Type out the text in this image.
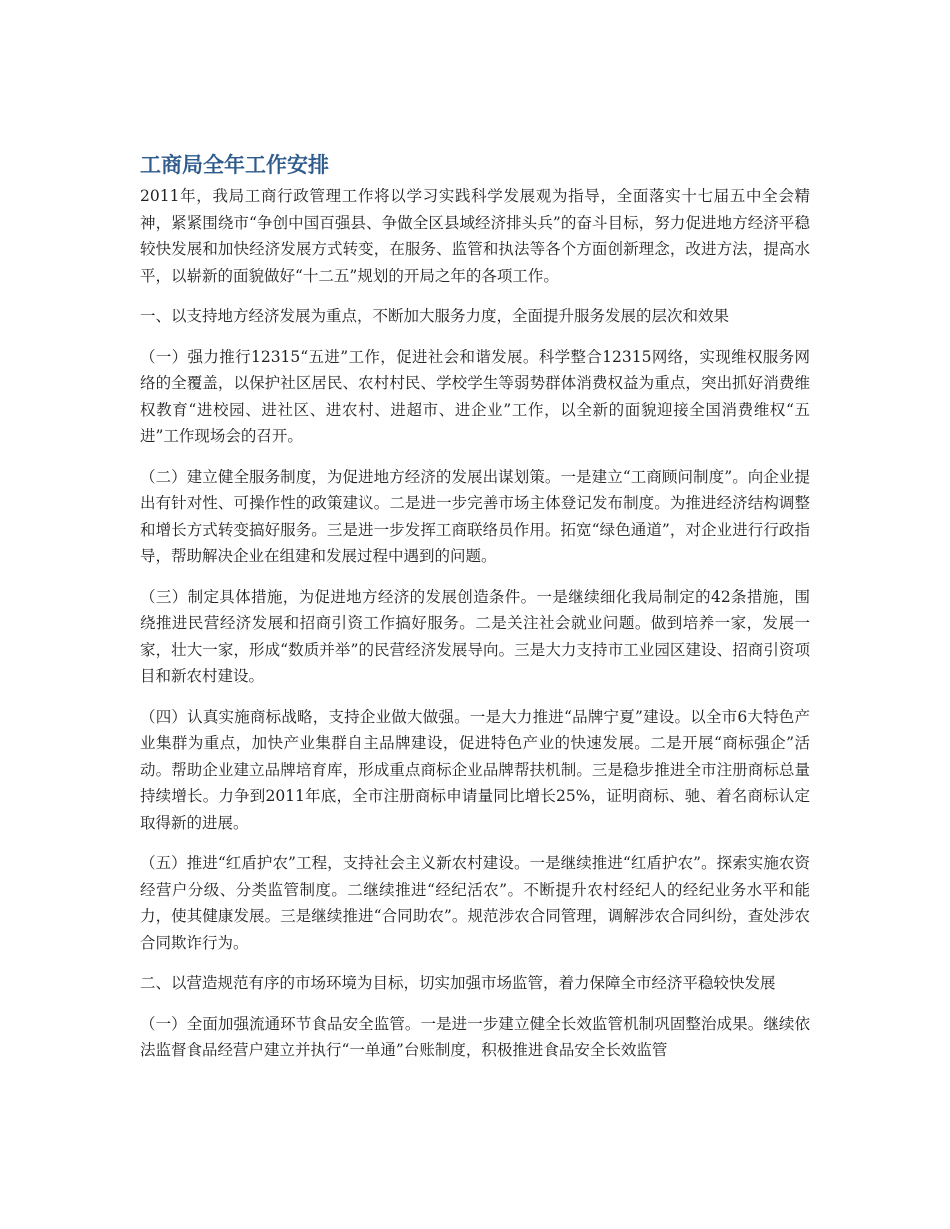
工商局全年工作安排

2011年，我局工商行政管理工作将以学习实践科学发展观为指导，全面落实十七届五中全会精神，紧紧围绕市“争创中国百强县、争做全区县域经济排头兵”的奋斗目标，努力促进地方经济平稳较快发展和加快经济发展方式转变，在服务、监管和执法等各个方面创新理念，改进方法，提高水平，以崭新的面貌做好“十二五”规划的开局之年的各项工作。

一、以支持地方经济发展为重点，不断加大服务力度，全面提升服务发展的层次和效果

（一）强力推行12315“五进”工作，促进社会和谐发展。科学整合12315网络，实现维权服务网络的全覆盖，以保护社区居民、农村村民、学校学生等弱势群体消费权益为重点，突出抓好消费维权教育“进校园、进社区、进农村、进超市、进企业”工作，以全新的面貌迎接全国消费维权“五进”工作现场会的召开。

（二）建立健全服务制度，为促进地方经济的发展出谋划策。一是建立“工商顾问制度”。向企业提出有针对性、可操作性的政策建议。二是进一步完善市场主体登记发布制度。为推进经济结构调整和增长方式转变搞好服务。三是进一步发挥工商联络员作用。拓宽“绿色通道”，对企业进行行政指导，帮助解决企业在组建和发展过程中遇到的问题。

（三）制定具体措施，为促进地方经济的发展创造条件。一是继续细化我局制定的42条措施，围绕推进民营经济发展和招商引资工作搞好服务。二是关注社会就业问题。做到培养一家，发展一家，壮大一家，形成“数质并举”的民营经济发展导向。三是大力支持市工业园区建设、招商引资项目和新农村建设。

（四）认真实施商标战略，支持企业做大做强。一是大力推进“品牌宁夏”建设。以全市6大特色产业集群为重点，加快产业集群自主品牌建设，促进特色产业的快速发展。二是开展“商标强企”活动。帮助企业建立品牌培育库，形成重点商标企业品牌帮扶机制。三是稳步推进全市注册商标总量持续增长。力争到2011年底，全市注册商标申请量同比增长25%，证明商标、驰、着名商标认定取得新的进展。

（五）推进“红盾护农”工程，支持社会主义新农村建设。一是继续推进“红盾护农”。探索实施农资经营户分级、分类监管制度。二继续推进“经纪活农”。不断提升农村经纪人的经纪业务水平和能力，使其健康发展。三是继续推进“合同助农”。规范涉农合同管理，调解涉农合同纠纷，查处涉农合同欺诈行为。

二、以营造规范有序的市场环境为目标，切实加强市场监管，着力保障全市经济平稳较快发展

（一）全面加强流通环节食品安全监管。一是进一步建立健全长效监管机制巩固整治成果。继续依法监督食品经营户建立并执行“一单通”台账制度，积极推进食品安全长效监管
